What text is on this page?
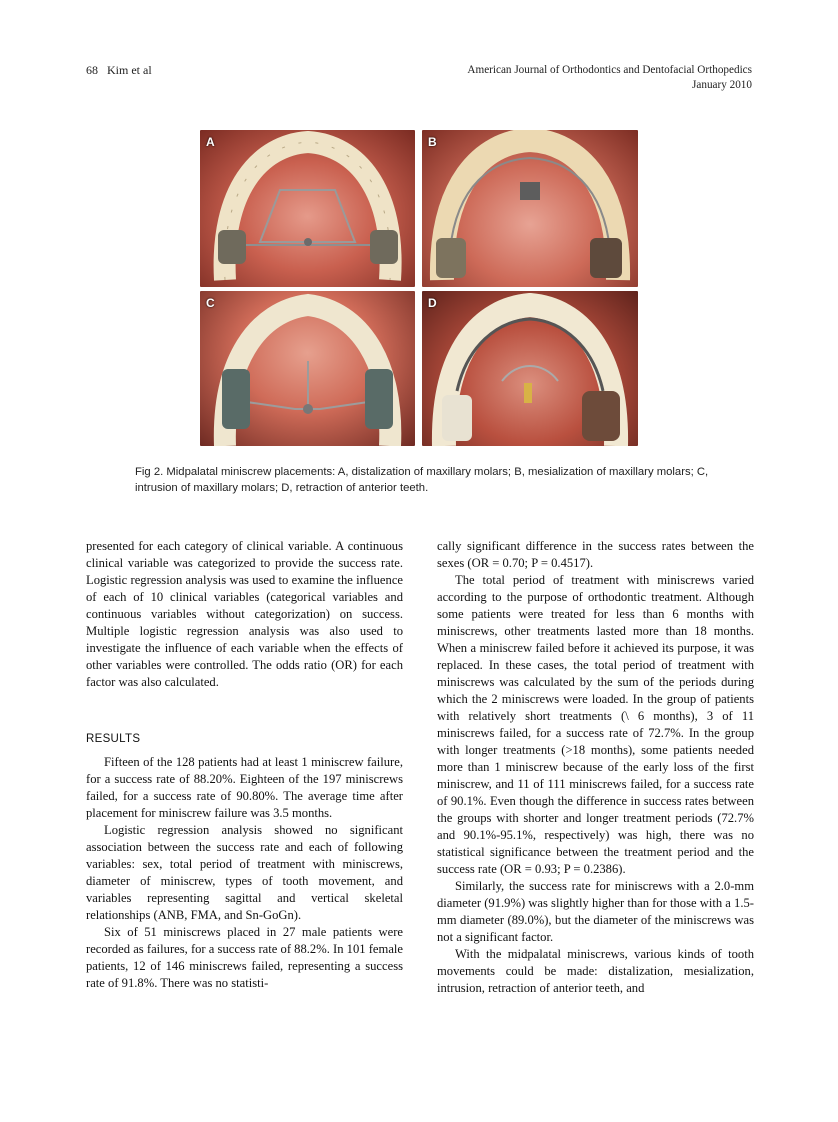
68 Kim et al	American Journal of Orthodontics and Dentofacial Orthopedics
January 2010
A	B
C	D
Fig 2. Midpalatal miniscrew placements: A, distalization of maxillary molars; B, mesialization of maxillary molars; C, intrusion of maxillary molars; D, retraction of anterior teeth.

presented for each category of clinical variable. A continuous clinical variable was categorized to provide the success rate. Logistic regression analysis was used to examine the influence of each of 10 clinical variables (categorical variables and continuous variables without categorization) on success. Multiple logistic regression analysis was also used to investigate the influence of each variable when the effects of other variables were controlled. The odds ratio (OR) for each factor was also calculated.

RESULTS

Fifteen of the 128 patients had at least 1 miniscrew failure, for a success rate of 88.20%. Eighteen of the 197 miniscrews failed, for a success rate of 90.80%. The average time after placement for miniscrew failure was 3.5 months.

Logistic regression analysis showed no significant association between the success rate and each of following variables: sex, total period of treatment with miniscrews, diameter of miniscrew, types of tooth movement, and variables representing sagittal and vertical skeletal relationships (ANB, FMA, and Sn-GoGn).

Six of 51 miniscrews placed in 27 male patients were recorded as failures, for a success rate of 88.2%. In 101 female patients, 12 of 146 miniscrews failed, representing a success rate of 91.8%. There was no statisti-

cally significant difference in the success rates between the sexes (OR = 0.70; P = 0.4517).

The total period of treatment with miniscrews varied according to the purpose of orthodontic treatment. Although some patients were treated for less than 6 months with miniscrews, other treatments lasted more than 18 months. When a miniscrew failed before it achieved its purpose, it was replaced. In these cases, the total period of treatment with miniscrews was calculated by the sum of the periods during which the 2 miniscrews were loaded. In the group of patients with relatively short treatments (\ 6 months), 3 of 11 miniscrews failed, for a success rate of 72.7%. In the group with longer treatments (>18 months), some patients needed more than 1 miniscrew because of the early loss of the first miniscrew, and 11 of 111 miniscrews failed, for a success rate of 90.1%. Even though the difference in success rates between the groups with shorter and longer treatment periods (72.7% and 90.1%-95.1%, respectively) was high, there was no statistical significance between the treatment period and the success rate (OR = 0.93; P = 0.2386).

Similarly, the success rate for miniscrews with a 2.0-mm diameter (91.9%) was slightly higher than for those with a 1.5-mm diameter (89.0%), but the diameter of the miniscrews was not a significant factor.

With the midpalatal miniscrews, various kinds of tooth movements could be made: distalization, mesialization, intrusion, retraction of anterior teeth, and
